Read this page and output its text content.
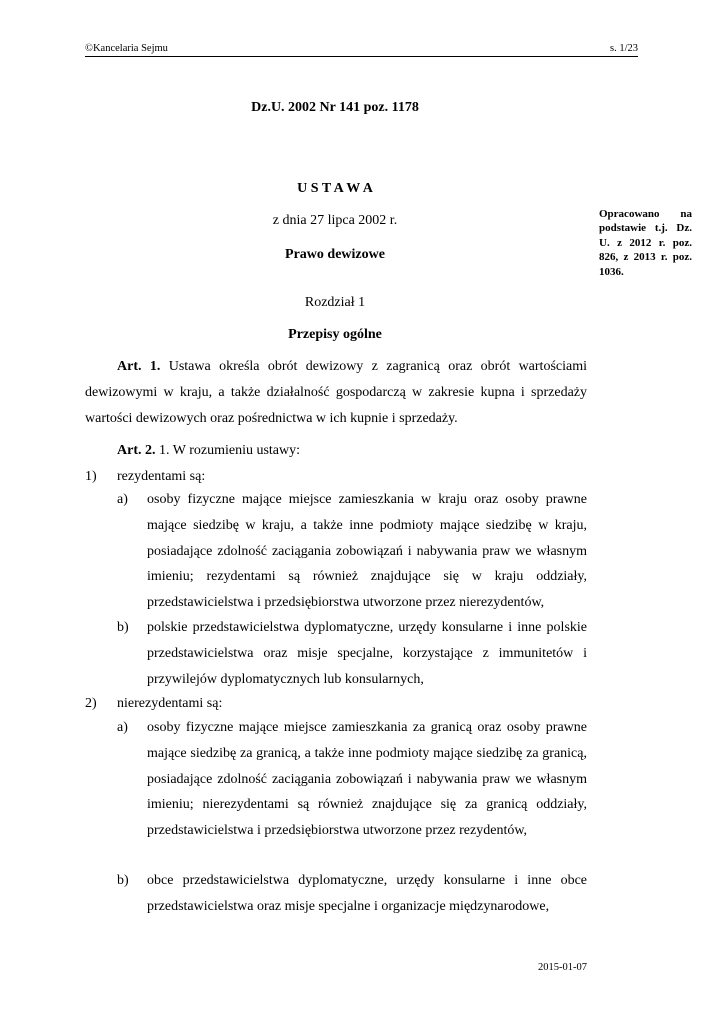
©Kancelaria Sejmu	s. 1/23
Dz.U. 2002 Nr 141 poz. 1178
U S T A W A
z dnia 27 lipca 2002 r.
Prawo dewizowe
Opracowano na podstawie t.j. Dz. U. z 2012 r. poz. 826, z 2013 r. poz. 1036.
Rozdział 1
Przepisy ogólne
Art. 1. Ustawa określa obrót dewizowy z zagranicą oraz obrót wartościami dewizowymi w kraju, a także działalność gospodarczą w zakresie kupna i sprzedaży wartości dewizowych oraz pośrednictwa w ich kupnie i sprzedaży.
Art. 2. 1. W rozumieniu ustawy:
1) rezydentami są:
a) osoby fizyczne mające miejsce zamieszkania w kraju oraz osoby prawne mające siedzibę w kraju, a także inne podmioty mające siedzibę w kraju, posiadające zdolność zaciągania zobowiązań i nabywania praw we własnym imieniu; rezydentami są również znajdujące się w kraju oddziały, przedstawicielstwa i przedsiębiorstwa utworzone przez nierezydentów,
b) polskie przedstawicielstwa dyplomatyczne, urzędy konsularne i inne polskie przedstawicielstwa oraz misje specjalne, korzystające z immunitetów i przywilejów dyplomatycznych lub konsularnych,
2) nierezydentami są:
a) osoby fizyczne mające miejsce zamieszkania za granicą oraz osoby prawne mające siedzibę za granicą, a także inne podmioty mające siedzibę za granicą, posiadające zdolność zaciągania zobowiązań i nabywania praw we własnym imieniu; nierezydentami są również znajdujące się za granicą oddziały, przedstawicielstwa i przedsiębiorstwa utworzone przez rezydentów,
b) obce przedstawicielstwa dyplomatyczne, urzędy konsularne i inne obce przedstawicielstwa oraz misje specjalne i organizacje międzynarodowe,
2015-01-07
